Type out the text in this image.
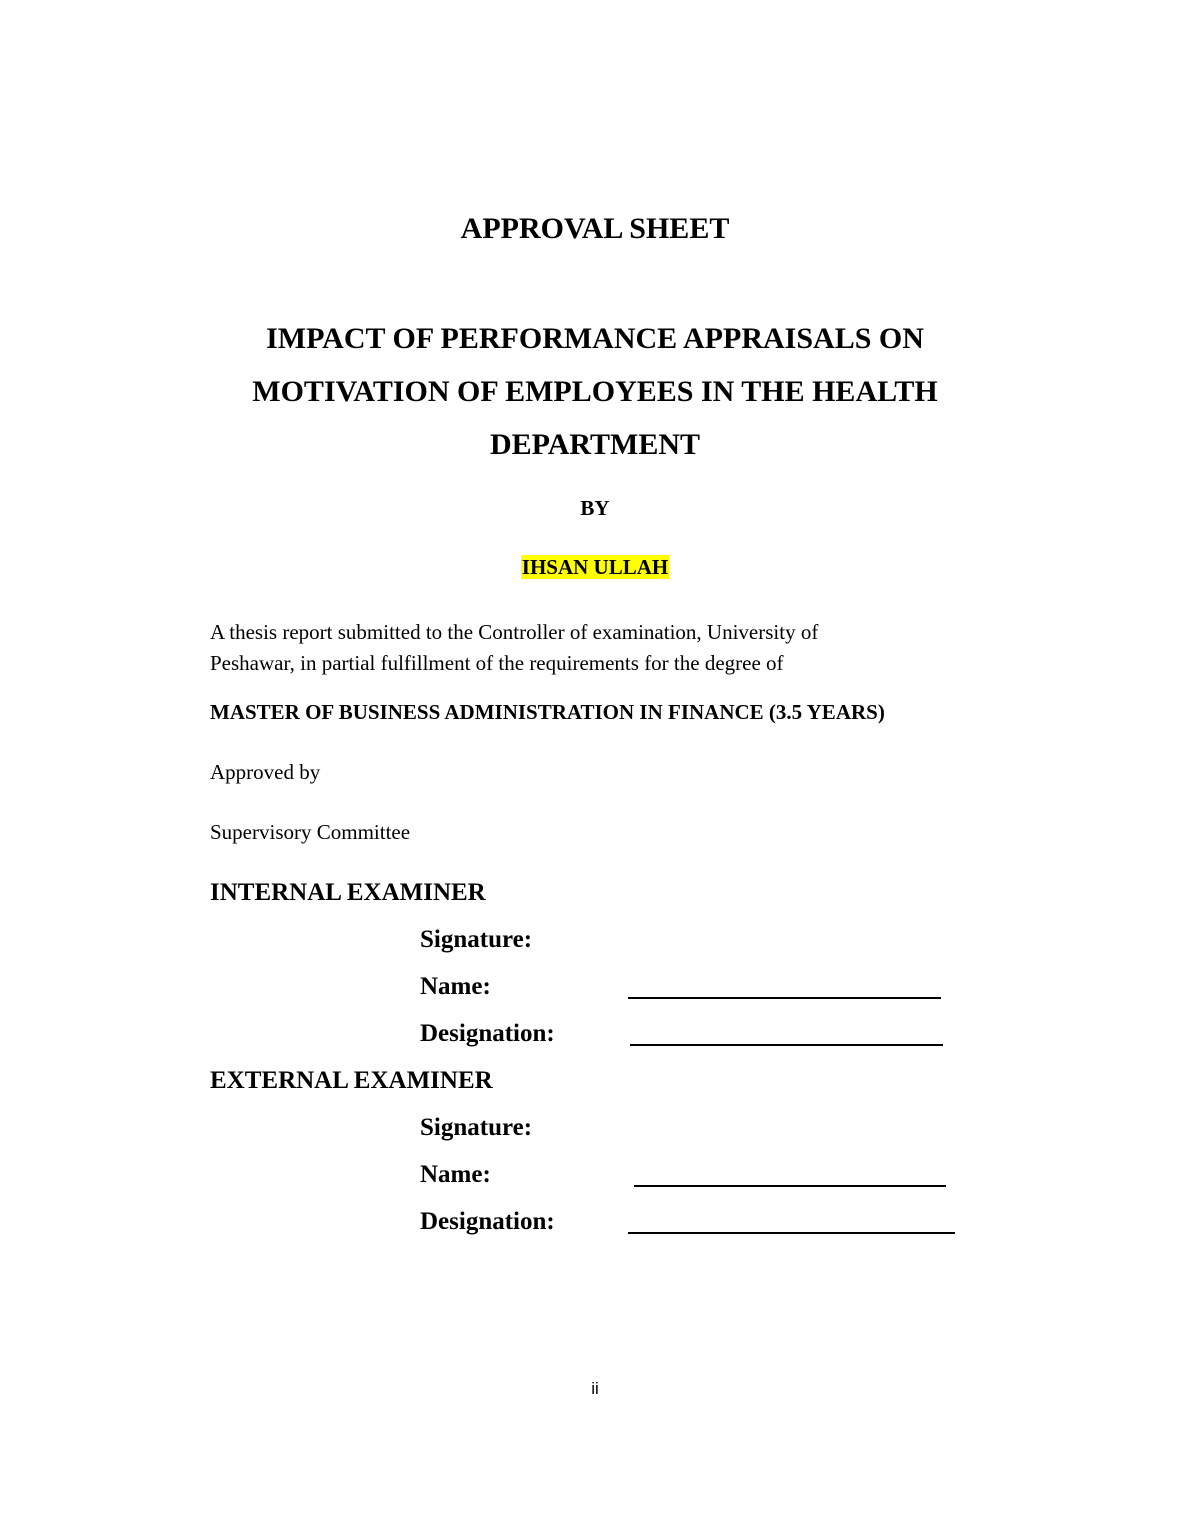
APPROVAL SHEET
IMPACT OF PERFORMANCE APPRAISALS ON
MOTIVATION OF EMPLOYEES IN THE HEALTH
DEPARTMENT
BY
IHSAN ULLAH
A thesis report submitted to the Controller of examination, University of
Peshawar, in partial fulfillment of the requirements for the degree of
MASTER OF BUSINESS ADMINISTRATION IN FINANCE (3.5 YEARS)
Approved by
Supervisory Committee
INTERNAL EXAMINER
Signature:
Name:
Designation:
EXTERNAL EXAMINER
Signature:
Name:
Designation:
ii
